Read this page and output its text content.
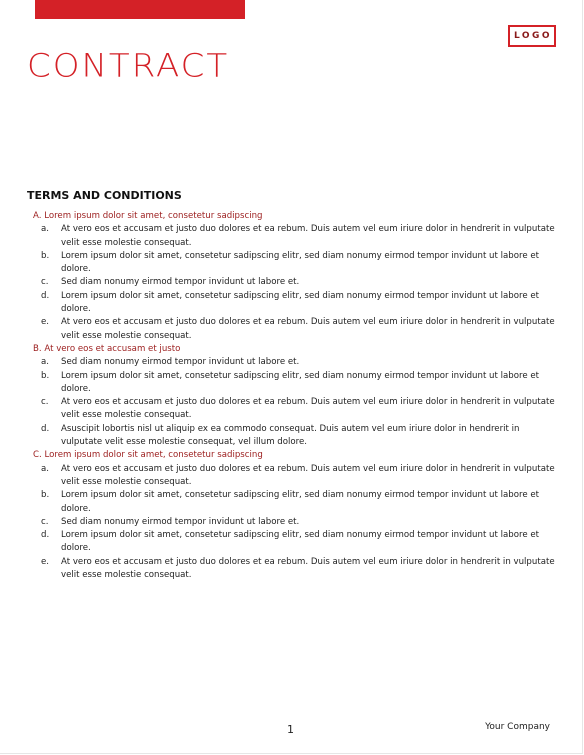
LOGO
CONTRACT
TERMS AND CONDITIONS
A. Lorem ipsum dolor sit amet, consetetur sadipscing
a. At vero eos et accusam et justo duo dolores et ea rebum. Duis autem vel eum iriure dolor in hendrerit in vulputate velit esse molestie consequat.
b. Lorem ipsum dolor sit amet, consetetur sadipscing elitr, sed diam nonumy eirmod tempor invidunt ut labore et dolore.
c. Sed diam nonumy eirmod tempor invidunt ut labore et.
d. Lorem ipsum dolor sit amet, consetetur sadipscing elitr, sed diam nonumy eirmod tempor invidunt ut labore et dolore.
e. At vero eos et accusam et justo duo dolores et ea rebum. Duis autem vel eum iriure dolor in hendrerit in vulputate velit esse molestie consequat.
B. At vero eos et accusam et justo
a. Sed diam nonumy eirmod tempor invidunt ut labore et.
b. Lorem ipsum dolor sit amet, consetetur sadipscing elitr, sed diam nonumy eirmod tempor invidunt ut labore et dolore.
c. At vero eos et accusam et justo duo dolores et ea rebum. Duis autem vel eum iriure dolor in hendrerit in vulputate velit esse molestie consequat.
d. Asuscipit lobortis nisl ut aliquip ex ea commodo consequat. Duis autem vel eum iriure dolor in hendrerit in vulputate velit esse molestie consequat, vel illum dolore.
C. Lorem ipsum dolor sit amet, consetetur sadipscing
a. At vero eos et accusam et justo duo dolores et ea rebum. Duis autem vel eum iriure dolor in hendrerit in vulputate velit esse molestie consequat.
b. Lorem ipsum dolor sit amet, consetetur sadipscing elitr, sed diam nonumy eirmod tempor invidunt ut labore et dolore.
c. Sed diam nonumy eirmod tempor invidunt ut labore et.
d. Lorem ipsum dolor sit amet, consetetur sadipscing elitr, sed diam nonumy eirmod tempor invidunt ut labore et dolore.
e. At vero eos et accusam et justo duo dolores et ea rebum. Duis autem vel eum iriure dolor in hendrerit in vulputate velit esse molestie consequat.
1	Your Company
